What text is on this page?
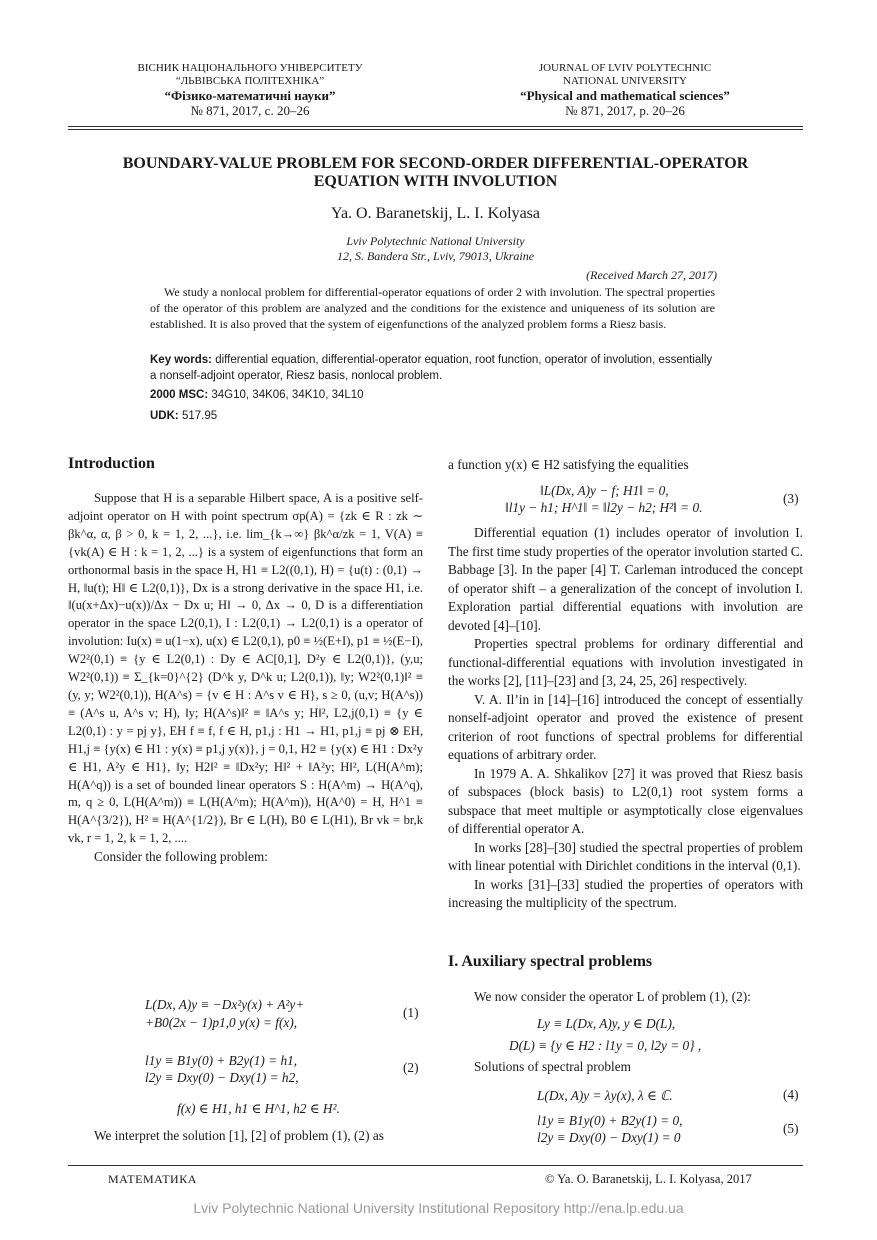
ВІСНИК НАЦІОНАЛЬНОГО УНІВЕРСИТЕТУ
“ЛЬВІВСЬКА ПОЛІТЕХНІКА”
“Фізико-математичні науки”
№ 871, 2017, с. 20–26
JOURNAL OF LVIV POLYTECHNIC
NATIONAL UNIVERSITY
“Physical and mathematical sciences”
№ 871, 2017, p. 20–26
BOUNDARY-VALUE PROBLEM FOR SECOND-ORDER DIFFERENTIAL-OPERATOR
EQUATION WITH INVOLUTION
Ya. O. Baranetskij, L. I. Kolyasa
Lviv Polytechnic National University
12, S. Bandera Str., Lviv, 79013, Ukraine
(Received March 27, 2017)

We study a nonlocal problem for differential-operator equations of order 2 with involution. The spectral properties of the operator of this problem are analyzed and the conditions for the existence and uniqueness of its solution are established. It is also proved that the system of eigenfunctions of the analyzed problem forms a Riesz basis.

Key words: differential equation, differential-operator equation, root function, operator of involution, essentially a nonself-adjoint operator, Riesz basis, nonlocal problem.

2000 MSC: 34G10, 34K06, 34K10, 34L10
UDK: 517.95
Introduction

Suppose that H is a separable Hilbert space, A is a positive self-adjoint operator on H with point spectrum σp(A) = {zk ∈ R : zk ∼ βk^α, α, β > 0, k = 1, 2, ...}, i.e. lim_{k→∞} βk^α/zk = 1, V(A) ≡ {vk(A) ∈ H : k = 1, 2, ...} is a system of eigenfunctions that form an orthonormal basis in the space H, H1 ≡ L2((0,1), H) = {u(t) : (0,1) → H, ‖u(t); H‖ ∈ L2(0,1)}, Dx is a strong derivative in the space H1, i.e. ‖(u(x+Δx)−u(x))/Δx − Dx u; H‖ → 0, Δx → 0, D is a differentiation operator in the space L2(0,1), I : L2(0,1) → L2(0,1) is a operator of involution: Iu(x) ≡ u(1−x), u(x) ∈ L2(0,1), p0 ≡ ½(E+I), p1 ≡ ½(E−I), W2²(0,1) ≡ {y ∈ L2(0,1) : Dy ∈ AC[0,1], D²y ∈ L2(0,1)}, (y,u; W2²(0,1)) ≡ Σ_{k=0}^{2} (D^k y, D^k u; L2(0,1)), ‖y; W2²(0,1)‖² ≡ (y, y; W2²(0,1)), H(A^s) = {v ∈ H : A^s v ∈ H}, s ≥ 0, (u,v; H(A^s)) ≡ (A^s u, A^s v; H), ‖y; H(A^s)‖² ≡ ‖A^s y; H‖², L2,j(0,1) ≡ {y ∈ L2(0,1) : y = pj y}, EH f ≡ f, f ∈ H, p1,j : H1 → H1, p1,j ≡ pj ⊗ EH, H1,j ≡ {y(x) ∈ H1 : y(x) ≡ p1,j y(x)}, j = 0,1, H2 ≡ {y(x) ∈ H1 : Dx²y ∈ H1, A²y ∈ H1}, ‖y; H2‖² ≡ ‖Dx²y; H‖² + ‖A²y; H‖², L(H(A^m); H(A^q)) is a set of bounded linear operators S : H(A^m) → H(A^q), m, q ≥ 0, L(H(A^m)) ≡ L(H(A^m); H(A^m)), H(A^0) = H, H^1 ≡ H(A^{3/2}), H² ≡ H(A^{1/2}), Br ∈ L(H), B0 ∈ L(H1), Br vk = br,k vk, r = 1, 2, k = 1, 2, ....

Consider the following problem:

L(Dx, A)y ≡ −Dx²y(x) + A²y+
+B0(2x − 1)p1,0 y(x) = f(x),
(1)
l1y ≡ B1y(0) + B2y(1) = h1,
l2y ≡ Dxy(0) − Dxy(1) = h2,
(2)
f(x) ∈ H1, h1 ∈ H^1, h2 ∈ H².

We interpret the solution [1], [2] of problem (1), (2) as

a function y(x) ∈ H2 satisfying the equalities

‖L(Dx, A)y − f; H1‖ = 0,
‖l1y − h1; H^1‖ = ‖l2y − h2; H²‖ = 0.
(3)

Differential equation (1) includes operator of involution I. The first time study properties of the operator involution started C. Babbage [3]. In the paper [4] T. Carleman introduced the concept of operator shift – a generalization of the concept of involution I. Exploration partial differential equations with involution are devoted [4]–[10].

Properties spectral problems for ordinary differential and functional-differential equations with involution investigated in the works [2], [11]–[23] and [3, 24, 25, 26] respectively.

V. A. Il’in in [14]–[16] introduced the concept of essentially nonself-adjoint operator and proved the existence of present criterion of root functions of spectral problems for differential equations of arbitrary order.

In 1979 A. A. Shkalikov [27] it was proved that Riesz basis of subspaces (block basis) to L2(0,1) root system forms a subspace that meet multiple or asymptotically close eigenvalues of differential operator A.

In works [28]–[30] studied the spectral properties of problem with linear potential with Dirichlet conditions in the interval (0,1).

In works [31]–[33] studied the properties of operators with increasing the multiplicity of the spectrum.

I. Auxiliary spectral problems

We now consider the operator L of problem (1), (2):

Ly ≡ L(Dx, A)y, y ∈ D(L),
D(L) ≡ {y ∈ H2 : l1y = 0, l2y = 0} ,

Solutions of spectral problem

L(Dx, A)y = λy(x), λ ∈ ℂ.	(4)
l1y ≡ B1y(0) + B2y(1) = 0,
l2y ≡ Dxy(0) − Dxy(1) = 0
(5)
МАТЕМАТИКА	© Ya. O. Baranetskij, L. I. Kolyasa, 2017
Lviv Polytechnic National University Institutional Repository http://ena.lp.edu.ua
